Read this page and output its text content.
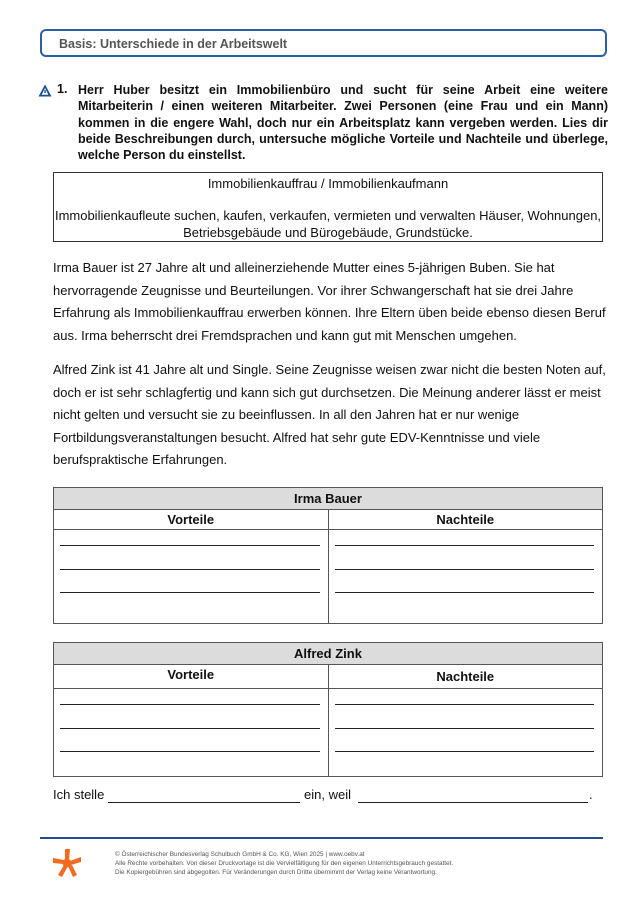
Basis: Unterschiede in der Arbeitswelt
1. Herr Huber besitzt ein Immobilienbüro und sucht für seine Arbeit eine weitere Mitarbeiterin / einen weiteren Mitarbeiter. Zwei Personen (eine Frau und ein Mann) kommen in die engere Wahl, doch nur ein Arbeitsplatz kann vergeben werden. Lies dir beide Beschreibungen durch, untersuche mögliche Vorteile und Nachteile und überlege, welche Person du einstellst.
Immobilienkauffrau / Immobilienkaufmann
Immobilienkaufleute suchen, kaufen, verkaufen, vermieten und verwalten Häuser, Wohnungen, Betriebsgebäude und Bürogebäude, Grundstücke.
Irma Bauer ist 27 Jahre alt und alleinerziehende Mutter eines 5-jährigen Buben. Sie hat hervorragende Zeugnisse und Beurteilungen. Vor ihrer Schwangerschaft hat sie drei Jahre Erfahrung als Immobilienkauffrau erwerben können. Ihre Eltern üben beide ebenso diesen Beruf aus. Irma beherrscht drei Fremdsprachen und kann gut mit Menschen umgehen.
Alfred Zink ist 41 Jahre alt und Single. Seine Zeugnisse weisen zwar nicht die besten Noten auf, doch er ist sehr schlagfertig und kann sich gut durchsetzen. Die Meinung anderer lässt er meist nicht gelten und versucht sie zu beeinflussen. In all den Jahren hat er nur wenige Fortbildungsveranstaltungen besucht. Alfred hat sehr gute EDV-Kenntnisse und viele berufspraktische Erfahrungen.
Irma Bauer	
Vorteile	Nachteile

Alfred Zink	
Vorteile	Nachteile

Ich stelle	ein, weil	.
© Österreichischer Bundesverlag Schulbuch GmbH & Co. KG, Wien 2025 | www.oebv.at
Alle Rechte vorbehalten. Von dieser Druckvorlage ist die Vervielfältigung für den eigenen Unterrichtsgebrauch gestattet.
Die Kopiergebühren sind abgegolten. Für Veränderungen durch Dritte übernimmt der Verlag keine Verantwortung.
